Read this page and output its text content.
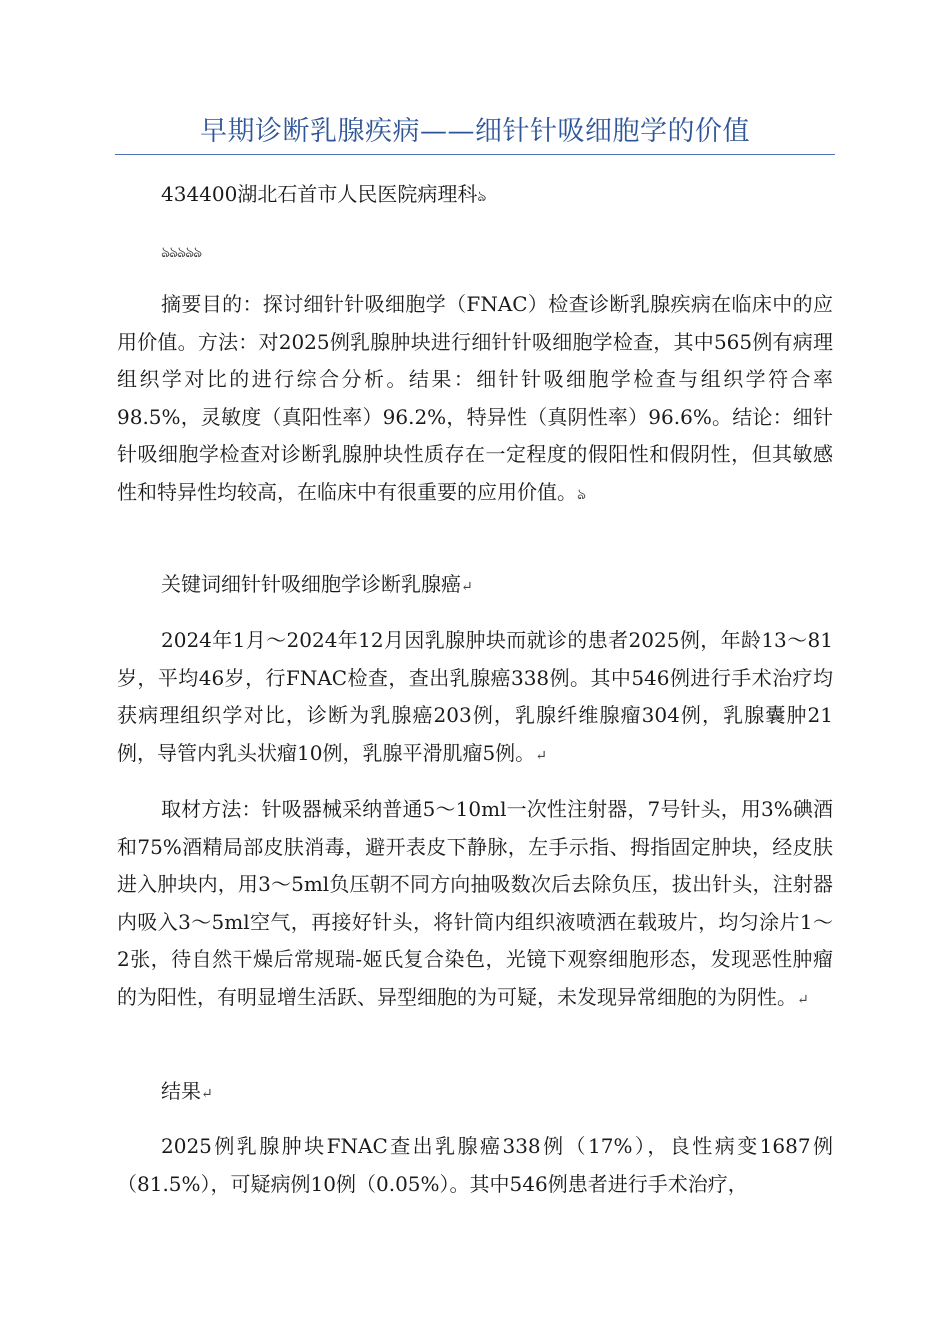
早期诊断乳腺疾病——细针针吸细胞学的价值
434400湖北石首市人民医院病理科ঌ
ঌঌঌঌঌ
摘要目的：探讨细针针吸细胞学（FNAC）检查诊断乳腺疾病在临床中的应用价值。方法：对2025例乳腺肿块进行细针针吸细胞学检查，其中565例有病理组织学对比的进行综合分析。结果：细针针吸细胞学检查与组织学符合率98.5%，灵敏度（真阳性率）96.2%，特异性（真阴性率）96.6%。结论：细针针吸细胞学检查对诊断乳腺肿块性质存在一定程度的假阳性和假阴性，但其敏感性和特异性均较高，在临床中有很重要的应用价值。ঌ
关键词细针针吸细胞学诊断乳腺癌↵
2024年1月～2024年12月因乳腺肿块而就诊的患者2025例，年龄13～81岁，平均46岁，行FNAC检查，查出乳腺癌338例。其中546例进行手术治疗均获病理组织学对比，诊断为乳腺癌203例，乳腺纤维腺瘤304例，乳腺囊肿21例，导管内乳头状瘤10例，乳腺平滑肌瘤5例。↵
取材方法：针吸器械采纳普通5～10ml一次性注射器，7号针头，用3%碘酒和75%酒精局部皮肤消毒，避开表皮下静脉，左手示指、拇指固定肿块，经皮肤进入肿块内，用3～5ml负压朝不同方向抽吸数次后去除负压，拔出针头，注射器内吸入3～5ml空气，再接好针头，将针筒内组织液喷洒在载玻片，均匀涂片1～2张，待自然干燥后常规瑞-姬氏复合染色，光镜下观察细胞形态，发现恶性肿瘤的为阳性，有明显增生活跃、异型细胞的为可疑，未发现异常细胞的为阴性。↵
结果↵
2025例乳腺肿块FNAC查出乳腺癌338例（17%），良性病变1687例（81.5%），可疑病例10例（0.05%）。其中546例患者进行手术治疗，
